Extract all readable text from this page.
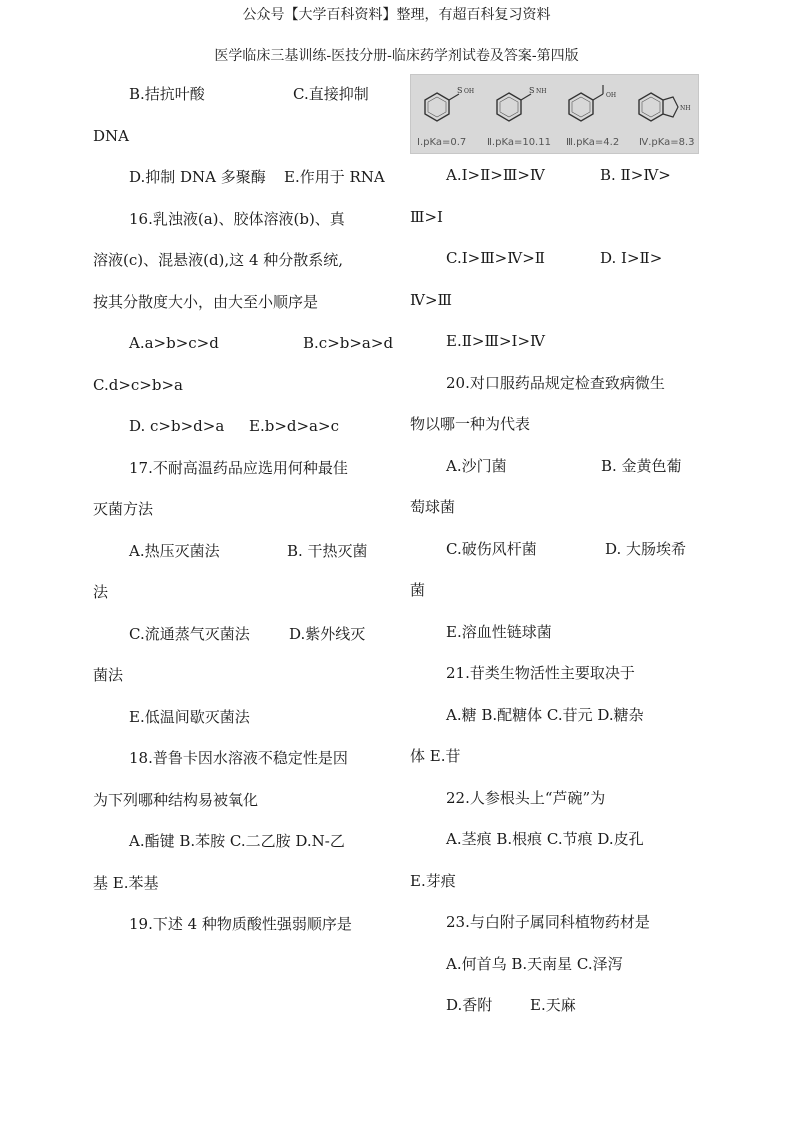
公众号【大学百科资料】整理，有超百科复习资料
医学临床三基训练-医技分册-临床药学剂试卷及答案-第四版
B.拮抗叶酸	C.直接抑制
DNA
D.抑制 DNA 多聚酶 E.作用于 RNA
16.乳浊液(a)、胶体溶液(b)、真
溶液(c)、混悬液(d),这 4 种分散系统,
按其分散度大小，由大至小顺序是
A.a>b>c>d	B.c>b>a>d
C.d>c>b>a
D. c>b>d>a E.b>d>a>c
17.不耐高温药品应选用何种最佳
灭菌方法
A.热压灭菌法	B. 干热灭菌
法
C.流通蒸气灭菌法	D.紫外线灭
菌法
E.低温间歇灭菌法
18.普鲁卡因水溶液不稳定性是因
为下列哪种结构易被氧化
A.酯键 B.苯胺 C.二乙胺 D.N-乙
基 E.苯基
19.下述 4 种物质酸性强弱顺序是
S OH	S NH
OH
NH
Ⅰ.pKa=0.7 Ⅱ.pKa=10.11 Ⅲ.pKa=4.2 Ⅳ.pKa=8.3
A.Ⅰ>Ⅱ>Ⅲ>Ⅳ	B. Ⅱ>Ⅳ>
Ⅲ>Ⅰ
C.Ⅰ>Ⅲ>Ⅳ>Ⅱ	D. Ⅰ>Ⅱ>
Ⅳ>Ⅲ
E.Ⅱ>Ⅲ>Ⅰ>Ⅳ
20.对口服药品规定检查致病微生
物以哪一种为代表
A.沙门菌	B. 金黄色葡
萄球菌
C.破伤风杆菌	D. 大肠埃希
菌
E.溶血性链球菌
21.苷类生物活性主要取决于
A.糖 B.配糖体 C.苷元 D.糖杂
体 E.苷
22.人参根头上“芦碗”为
A.茎痕 B.根痕 C.节痕 D.皮孔
E.芽痕
23.与白附子属同科植物药材是
A.何首乌 B.天南星 C.泽泻
D.香附	E.天麻
